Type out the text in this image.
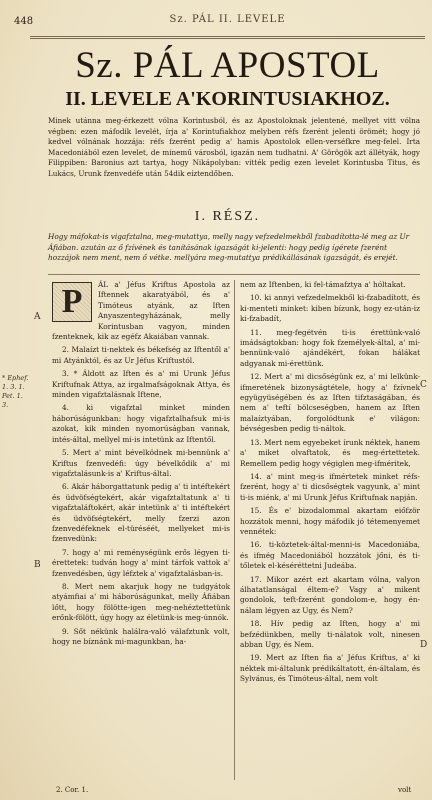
448	Sz. PÁL II. LEVELE
Sz. PÁL APOSTOL
II. LEVELE A'KORINTUSIAKHOZ.
Minek utánna meg-érkezett vólna Korintusból, és az Apostoloknak jelentené, mellyet vitt vólna végben: ezen máfodik levelét, írja a' Korintufiakhoz melyben réfs fzerént jelenti örömét; hogy jó kedvel vólnának hozzája: réfs fzerént pedig a' hamis Apostolok ellen-verséfkre meg-felel. Irta Macedoniából ezen levelet, de minemű városból, igazán nem tudhatni. A' Görögök azt állétyák, hogy Filippiben: Baronius azt tartya, hogy Nikápolyban: vitték pedig ezen levelet Korintusba Titus, és Lukács, Urunk fzenvedéfe után 54dik eíztendőben.
I. RÉSZ.
Hogy máfokat-is vigafztalna, meg-mutattya, melly nagy vefzedelmekből fzabadította-lé meg az Ur Áfiában. azután az ő fzívének és tanításának igazságát ki-jelenti: hogy pedig ígérete fzerént hozzájok nem ment, nem ő vétke. mellyára meg-mutattya prédikállásának igazságát, és erejét.
A
B
C
D
* Ephef. 1. 3. 1. Pet. 1. 3.
P	ÁL a' Jéfus Kriftus Apostola az Iftennek akaratyából, és a' Timóteus atyánk, az Iften Anyaszentegyházának, melly Korintusban vagyon, minden fzenteknek, kik az egéfz Akaiában vannak.

2. Malaízt ti-nektek és békefség az Iftentől a' mi Atyánktól, és az Ur Jéfus Kriftustól.

3. * Áldott az Iften és a' mi Urunk Jéfus Kriftufnak Attya, az irgalmafságoknak Attya, és minden vigafztalásnak Iftene,

4. ki vigafztal minket minden háborúságunkban: hogy vigafztalhafsuk mi-is azokat, kik minden nyomorúságban vannak, intés-által, mellyel mi-is intetünk az Iftentől.

5. Mert a' mint bévelködnek mi-bennünk a' Kriftus fzenvedéfi: úgy bévelkődik a' mi vigafztalásunk-is a' Kriftus-által.

6. Akár háborgattatunk pedig a' ti intéftekért és üdvöfségtekért, akár vigafztaltatunk a' ti vigafztaláftokért, akár intetünk a' ti intéftekért és üdvöfségtekért, melly fzerzi azon fzenvedéfeknek el-türéséét, mellyeket mi-is fzenvedünk:

7. hogy a' mi reménységünk erős légyen ti-érettetek: tudván hogy a' mint tárfok vattok a' fzenvedésben, úgy léfztek a' vigafztalásban-is.

8. Mert nem akarjuk hogy ne tudgyátok atyámfiai a' mi háborúságunkat, melly Áfiában lőtt, hogy fölötte-igen meg-nehéztettetünk erőnk-fölött, úgy hogy az életünk-is meg-únnók.

9. Sőt nékünk halálra-való válafztunk volt, hogy ne bíznánk mi-magunkban, ha-

nem az Iftenben, ki fel-támafztya a' hóltakat.

10. ki annyi vefzedelmekből ki-fzabadított, és ki-menteti minket: kiben bízunk, hogy ez-után-iz ki-fzabadít,

11. meg-fegétvén ti-is érettünk-való imádságtokban: hogy fok fzemélyek-által, a' mi-bennünk-való ajándékért, fokan hálákat adgyanak mi-érettünk.

12. Mert a' mi dicsőségünk ez, a' mi lelkünk-ifmeretének bizonyságtétele, hogy a' fzívnek együgyüségében és az Iften tifztaságában, és nem a' teftí bölcseségben, hanem az Iften malaíztyában, forgolódtunk e' világon: bévségesben pedig ti-náltok.

13. Mert nem egyebeket írunk néktek, hanem a' miket olvaftatok, és meg-értettetek. Remellem pedig hogy végiglen meg-ifméritek,

14. a' mint meg-is ifmértetek minket réfs-fzerént, hogy a' ti dicsőségtek vagyunk, a' mint ti-is miénk, a' mi Urunk Jéfus Kriftufnak napján.

15. És e' bizodalommal akartam eiőfzör hozzátok menni, hogy máfodik jó tétemenyemet vennétek:

16. ti-köztetek-által-menni-is Macedoniába, és ifmég Macedoniából hozzátok jőni, és ti-tőletek el-késéréttetni Judeába.

17. Mikor azért ezt akartam vólna, valyon álhatatlanságal éltem-e? Vagy a' mikent gondolok, teft-fzerént gondolom-e, hogy én-nálam légyen az Ugy, és Nem?

18. Hív pedig az Iften, hogy a' mi befzédünkben, melly ti-nálatok volt, ninesen abban Ugy, és Nem.

19. Mert az Iften fia a' Jéfus Kriftus, a' ki néktek mi-általunk prédikáltatott, én-általam, és Sylvánus, és Timóteus-által, nem volt

2. Cor. 1.	volt
